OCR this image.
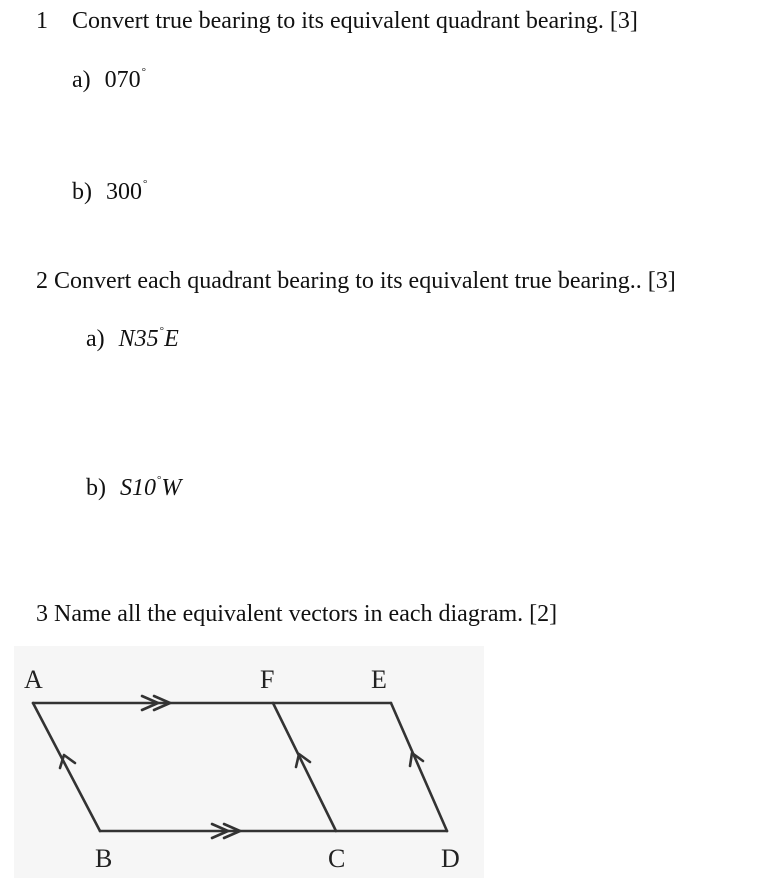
1 Convert true bearing to its equivalent quadrant bearing. [3]
a) 070°
b) 300°
2 Convert each quadrant bearing to its equivalent true bearing.. [3]
a) N35°E
b) S10°W
3 Name all the equivalent vectors in each diagram. [2]
A	F	E
B	C	D
